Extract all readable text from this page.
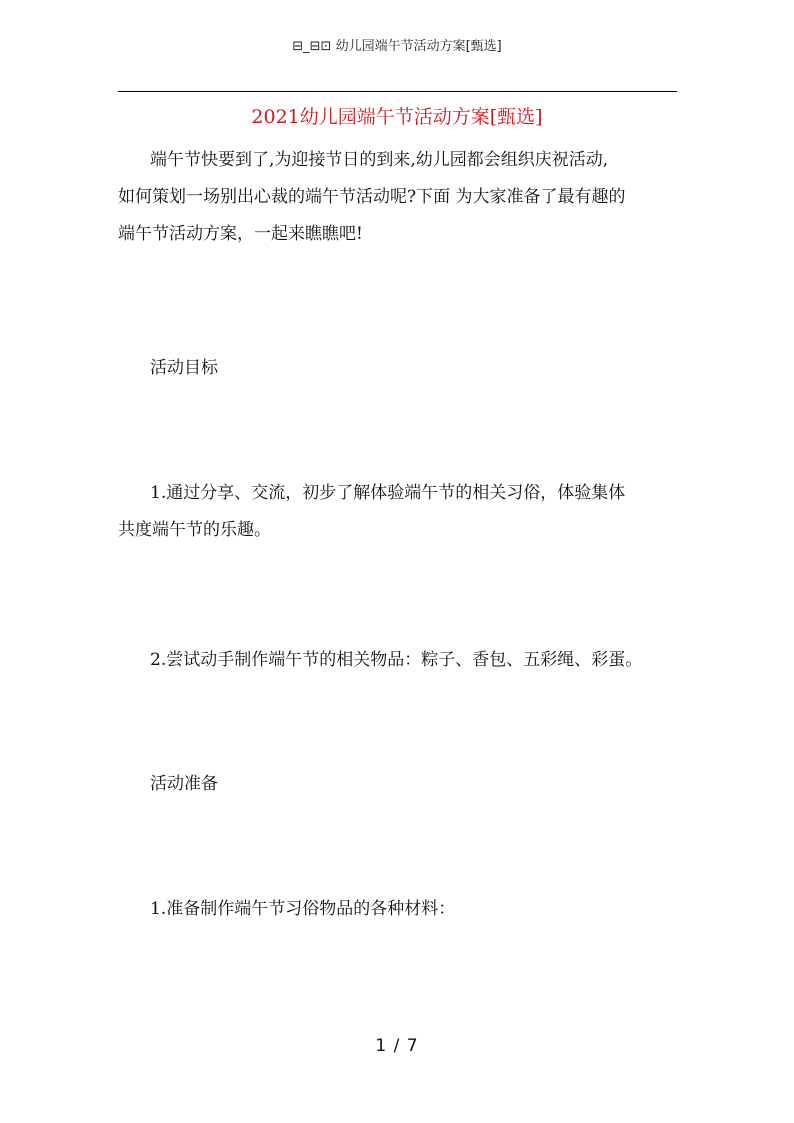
⊟_⊟⊡ 幼儿园端午节活动方案[甄选]
2021幼儿园端午节活动方案[甄选]
端午节快要到了,为迎接节日的到来,幼儿园都会组织庆祝活动,
如何策划一场别出心裁的端午节活动呢?下面 为大家准备了最有趣的
端午节活动方案，一起来瞧瞧吧!
活动目标
1.通过分享、交流，初步了解体验端午节的相关习俗，体验集体
共度端午节的乐趣。
2.尝试动手制作端午节的相关物品：粽子、香包、五彩绳、彩蛋。
活动准备
1.准备制作端午节习俗物品的各种材料：
1 / 7
